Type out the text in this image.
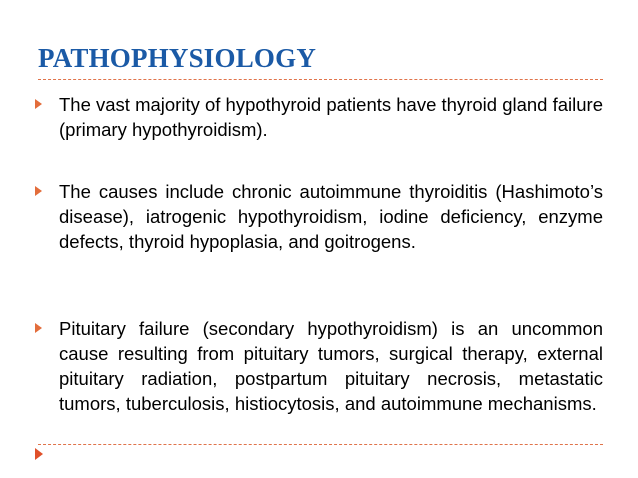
PATHOPHYSIOLOGY

The vast majority of hypothyroid patients have thyroid gland failure (primary hypothyroidism).

The causes include chronic autoimmune thyroiditis (Hashimoto’s disease), iatrogenic hypothyroidism, iodine deficiency, enzyme defects, thyroid hypoplasia, and goitrogens.

Pituitary failure (secondary hypothyroidism) is an uncommon cause resulting from pituitary tumors, surgical therapy, external pituitary radiation, postpartum pituitary necrosis, metastatic tumors, tuberculosis, histiocytosis, and autoimmune mechanisms.
